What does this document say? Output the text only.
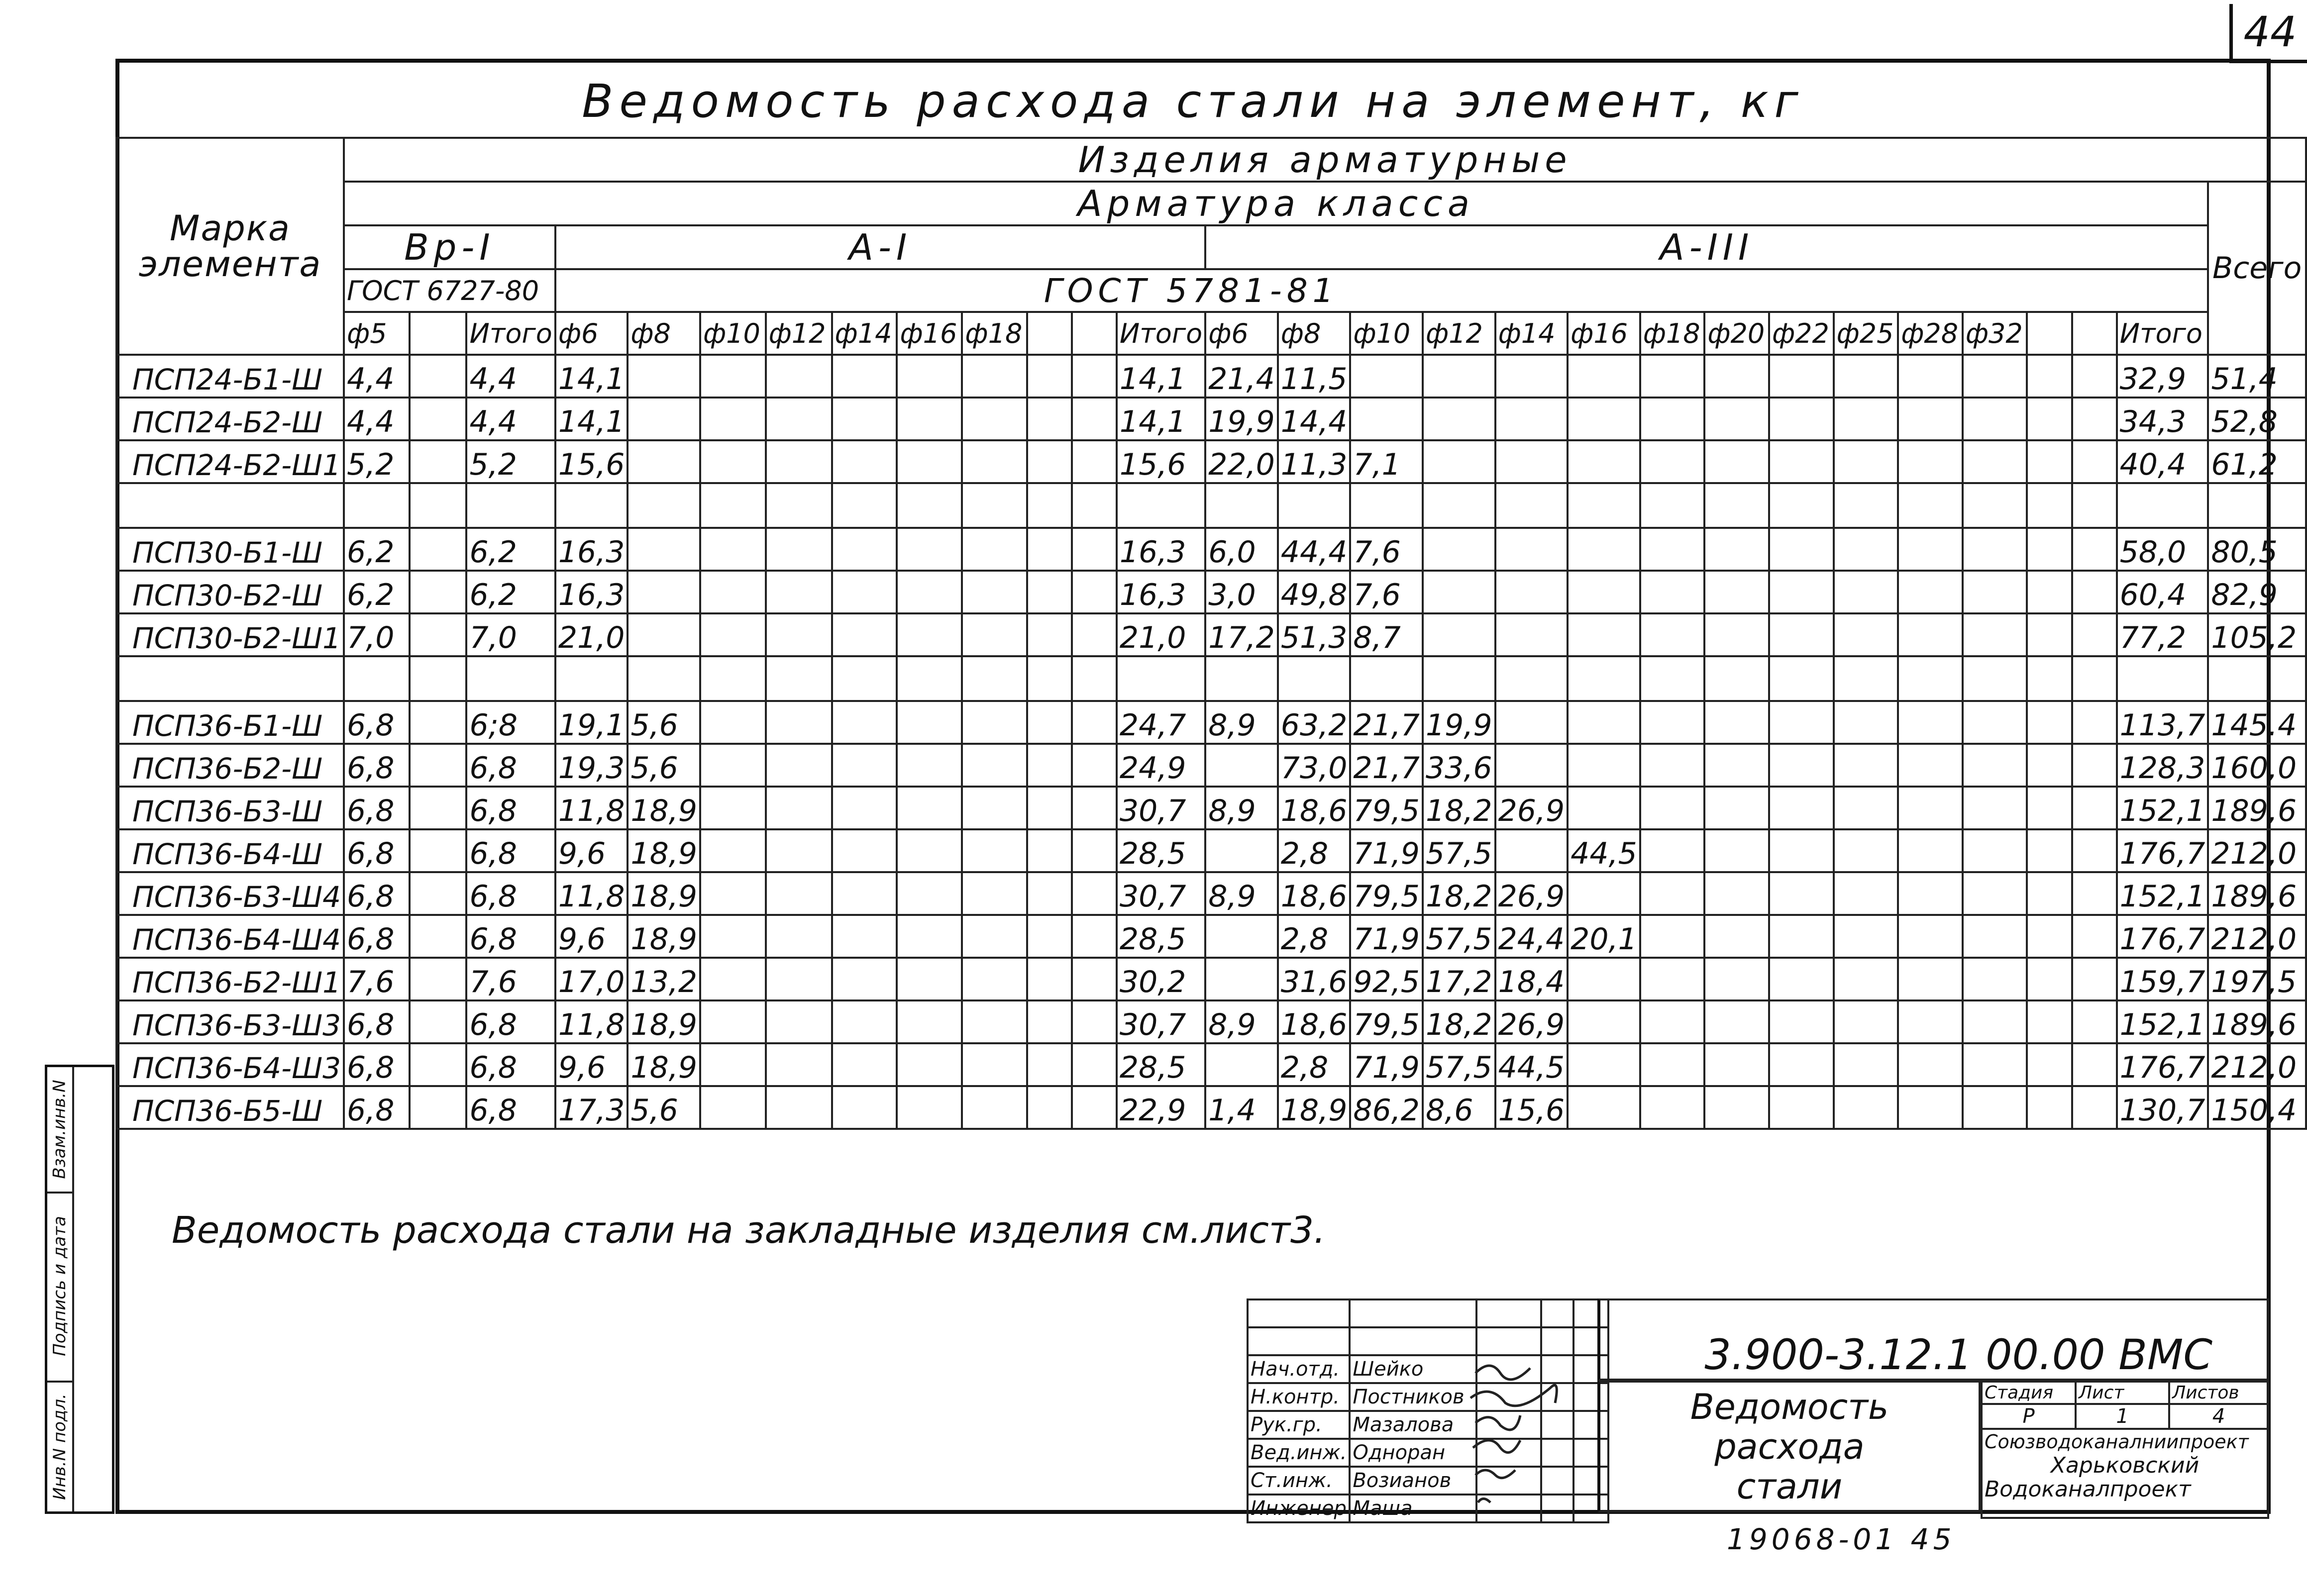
44
Ведомость расхода стали на элемент, кг
Марка элемента	Изделия арматурные																												
	Арматура класса																												Всего
	Вр-I			А-I										А-III															
	ГОСТ 6727-80			ГОСТ 5781-81																									
	ф5		Итого	ф6	ф8	ф10	ф12	ф14	ф16	ф18			Итого	ф6	ф8	ф10	ф12	ф14	ф16	ф18	ф20	ф22	ф25	ф28	ф32			Итого	
ПСП24-Б1-Ш	4,4		4,4	14,1									14,1	21,4	11,5													32,9	51,4
ПСП24-Б2-Ш	4,4		4,4	14,1									14,1	19,9	14,4													34,3	52,8
ПСП24-Б2-Ш1	5,2		5,2	15,6									15,6	22,0	11,3	7,1												40,4	61,2

ПСП30-Б1-Ш	6,2		6,2	16,3									16,3	6,0	44,4	7,6												58,0	80,5
ПСП30-Б2-Ш	6,2		6,2	16,3									16,3	3,0	49,8	7,6												60,4	82,9
ПСП30-Б2-Ш1	7,0		7,0	21,0									21,0	17,2	51,3	8,7												77,2	105,2

ПСП36-Б1-Ш	6,8		6;8	19,1	5,6								24,7	8,9	63,2	21,7	19,9											113,7	145.4
ПСП36-Б2-Ш	6,8		6,8	19,3	5,6								24,9		73,0	21,7	33,6											128,3	160,0
ПСП36-Б3-Ш	6,8		6,8	11,8	18,9								30,7	8,9	18,6	79,5	18,2	26,9										152,1	189,6
ПСП36-Б4-Ш	6,8		6,8	9,6	18,9								28,5		2,8	71,9	57,5		44,5									176,7	212,0
ПСП36-Б3-Ш4	6,8		6,8	11,8	18,9								30,7	8,9	18,6	79,5	18,2	26,9										152,1	189,6
ПСП36-Б4-Ш4	6,8		6,8	9,6	18,9								28,5		2,8	71,9	57,5	24,4	20,1									176,7	212,0
ПСП36-Б2-Ш1	7,6		7,6	17,0	13,2								30,2		31,6	92,5	17,2	18,4										159,7	197,5
ПСП36-Б3-Ш3	6,8		6,8	11,8	18,9								30,7	8,9	18,6	79,5	18,2	26,9										152,1	189,6
ПСП36-Б4-Ш3	6,8		6,8	9,6	18,9								28,5		2,8	71,9	57,5	44,5										176,7	212,0
ПСП36-Б5-Ш	6,8		6,8	17,3	5,6								22,9	1,4	18,9	86,2	8,6	15,6										130,7	150,4

Ведомость расхода стали на закладные изделия см.лист3.

Нач.отд.	Шейко			
Н.контр.	Постников			
Рук.гр.	Мазалова			
Вед.инж.	Одноран			
Ст.инж.	Возианов			
Инженер	Маша			
3.900-3.12.1 00.00 ВМС
Ведомость расхода стали
Стадия	Лист	Листов
Р	1	4

Союзводоканалниипроект
Харьковский
Водоканалпроект		
Взам.инв.N
Подпись и дата
Инв.N подл.
19068-01 45
